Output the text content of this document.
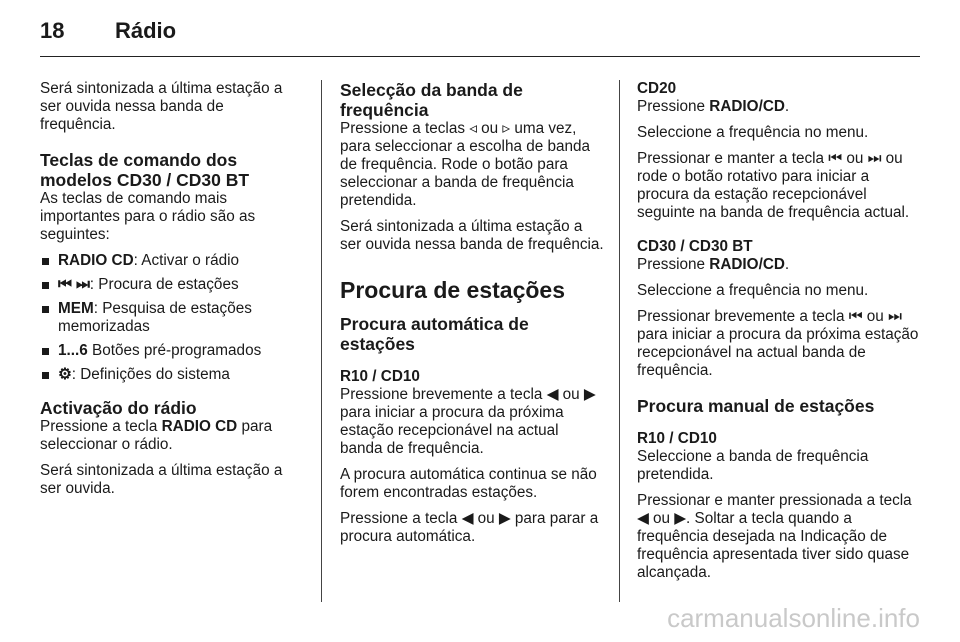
18 Rádio

Será sintonizada a última estação a ser ouvida nessa banda de frequência.

Teclas de comando dos modelos CD30 / CD30 BT

As teclas de comando mais importantes para o rádio são as seguintes:

RADIO CD: Activar o rádio
⏮ ⏭: Procura de estações
MEM: Pesquisa de estações memorizadas
1...6 Botões pré-programados
⚙: Definições do sistema
Activação do rádio

Pressione a tecla RADIO CD para seleccionar o rádio.

Será sintonizada a última estação a ser ouvida.

Selecção da banda de frequência

Pressione a teclas ◃ ou ▹ uma vez, para seleccionar a escolha de banda de frequência. Rode o botão para seleccionar a banda de frequência pretendida.

Será sintonizada a última estação a ser ouvida nessa banda de frequência.

Procura de estações
Procura automática de estações
R10 / CD10

Pressione brevemente a tecla ◀ ou ▶ para iniciar a procura da próxima estação recepcionável na actual banda de frequência.

A procura automática continua se não forem encontradas estações.

Pressione a tecla ◀ ou ▶ para parar a procura automática.

CD20

Pressione RADIO/CD.

Seleccione a frequência no menu.

Pressionar e manter a tecla ⏮ ou ⏭ ou rode o botão rotativo para iniciar a procura da estação recepcionável seguinte na banda de frequência actual.

CD30 / CD30 BT

Pressione RADIO/CD.

Seleccione a frequência no menu.

Pressionar brevemente a tecla ⏮ ou ⏭ para iniciar a procura da próxima estação recepcionável na actual banda de frequência.

Procura manual de estações
R10 / CD10

Seleccione a banda de frequência pretendida.

Pressionar e manter pressionada a tecla ◀ ou ▶. Soltar a tecla quando a frequência desejada na Indicação de frequência apresentada tiver sido quase alcançada.

carmanualsonline.info
